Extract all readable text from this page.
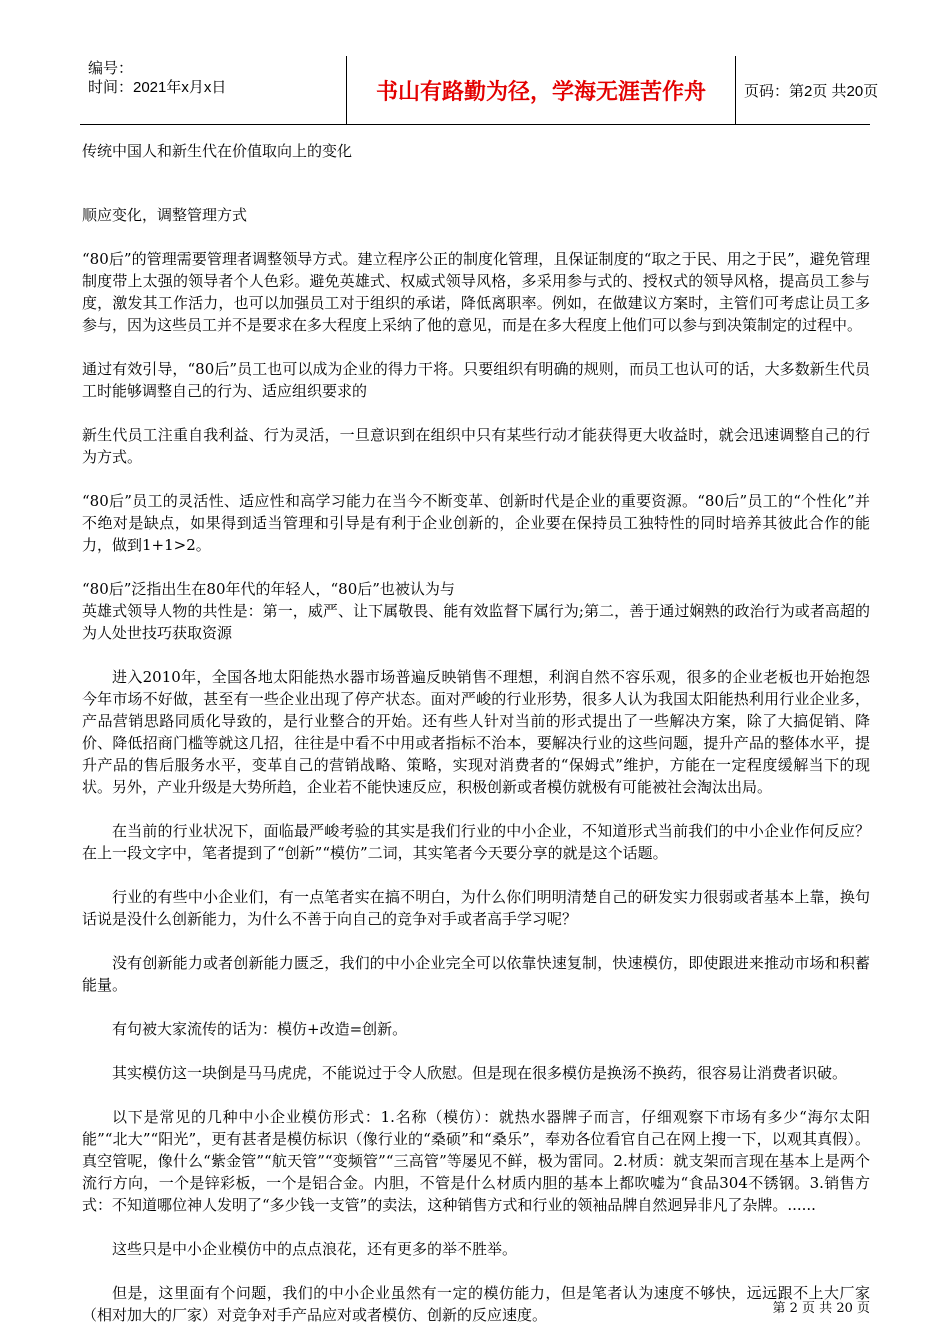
编号：
时间：2021年x月x日	书山有路勤为径，学海无涯苦作舟	页码：第2页 共20页

传统中国人和新生代在价值取向上的变化

顺应变化，调整管理方式

“80后”的管理需要管理者调整领导方式。建立程序公正的制度化管理，且保证制度的“取之于民、用之于民”，避免管理制度带上太强的领导者个人色彩。避免英雄式、权威式领导风格，多采用参与式的、授权式的领导风格，提高员工参与度，激发其工作活力，也可以加强员工对于组织的承诺，降低离职率。例如，在做建议方案时，主管们可考虑让员工多参与，因为这些员工并不是要求在多大程度上采纳了他的意见，而是在多大程度上他们可以参与到决策制定的过程中。

通过有效引导，“80后”员工也可以成为企业的得力干将。只要组织有明确的规则，而员工也认可的话，大多数新生代员工时能够调整自己的行为、适应组织要求的

新生代员工注重自我利益、行为灵活，一旦意识到在组织中只有某些行动才能获得更大收益时，就会迅速调整自己的行为方式。

“80后”员工的灵活性、适应性和高学习能力在当今不断变革、创新时代是企业的重要资源。“80后”员工的“个性化”并不绝对是缺点，如果得到适当管理和引导是有利于企业创新的，企业要在保持员工独特性的同时培养其彼此合作的能力，做到1+1>2。

“80后”泛指出生在80年代的年轻人，“80后”也被认为与

英雄式领导人物的共性是：第一，威严、让下属敬畏、能有效监督下属行为;第二，善于通过娴熟的政治行为或者高超的为人处世技巧获取资源

进入2010年，全国各地太阳能热水器市场普遍反映销售不理想，利润自然不容乐观，很多的企业老板也开始抱怨今年市场不好做，甚至有一些企业出现了停产状态。面对严峻的行业形势，很多人认为我国太阳能热利用行业企业多，产品营销思路同质化导致的，是行业整合的开始。还有些人针对当前的形式提出了一些解决方案，除了大搞促销、降价、降低招商门槛等就这几招，往往是中看不中用或者指标不治本，要解决行业的这些问题，提升产品的整体水平，提升产品的售后服务水平，变革自己的营销战略、策略，实现对消费者的“保姆式”维护，方能在一定程度缓解当下的现状。另外，产业升级是大势所趋，企业若不能快速反应，积极创新或者模仿就极有可能被社会淘汰出局。

在当前的行业状况下，面临最严峻考验的其实是我们行业的中小企业，不知道形式当前我们的中小企业作何反应？在上一段文字中，笔者提到了“创新”“模仿”二词，其实笔者今天要分享的就是这个话题。

行业的有些中小企业们，有一点笔者实在搞不明白，为什么你们明明清楚自己的研发实力很弱或者基本上靠，换句话说是没什么创新能力，为什么不善于向自己的竞争对手或者高手学习呢？

没有创新能力或者创新能力匮乏，我们的中小企业完全可以依靠快速复制，快速模仿，即使跟进来推动市场和积蓄能量。

有句被大家流传的话为：模仿+改造=创新。

其实模仿这一块倒是马马虎虎，不能说过于令人欣慰。但是现在很多模仿是换汤不换药，很容易让消费者识破。

以下是常见的几种中小企业模仿形式：1.名称（模仿）：就热水器牌子而言，仔细观察下市场有多少“海尔太阳能”“北大”“阳光”，更有甚者是模仿标识（像行业的“桑硕”和“桑乐”，奉劝各位看官自己在网上搜一下，以观其真假）。真空管呢，像什么“紫金管”“航天管”“变频管”“三高管”等屡见不鲜，极为雷同。2.材质：就支架而言现在基本上是两个流行方向，一个是锌彩板，一个是铝合金。内胆，不管是什么材质内胆的基本上都吹嘘为“食品304不锈钢。3.销售方式：不知道哪位神人发明了“多少钱一支管”的卖法，这种销售方式和行业的领袖品牌自然迥异非凡了杂牌。......

这些只是中小企业模仿中的点点浪花，还有更多的举不胜举。

但是，这里面有个问题，我们的中小企业虽然有一定的模仿能力，但是笔者认为速度不够快，远远跟不上大厂家（相对加大的厂家）对竞争对手产品应对或者模仿、创新的反应速度。	第 2 页 共 20 页
